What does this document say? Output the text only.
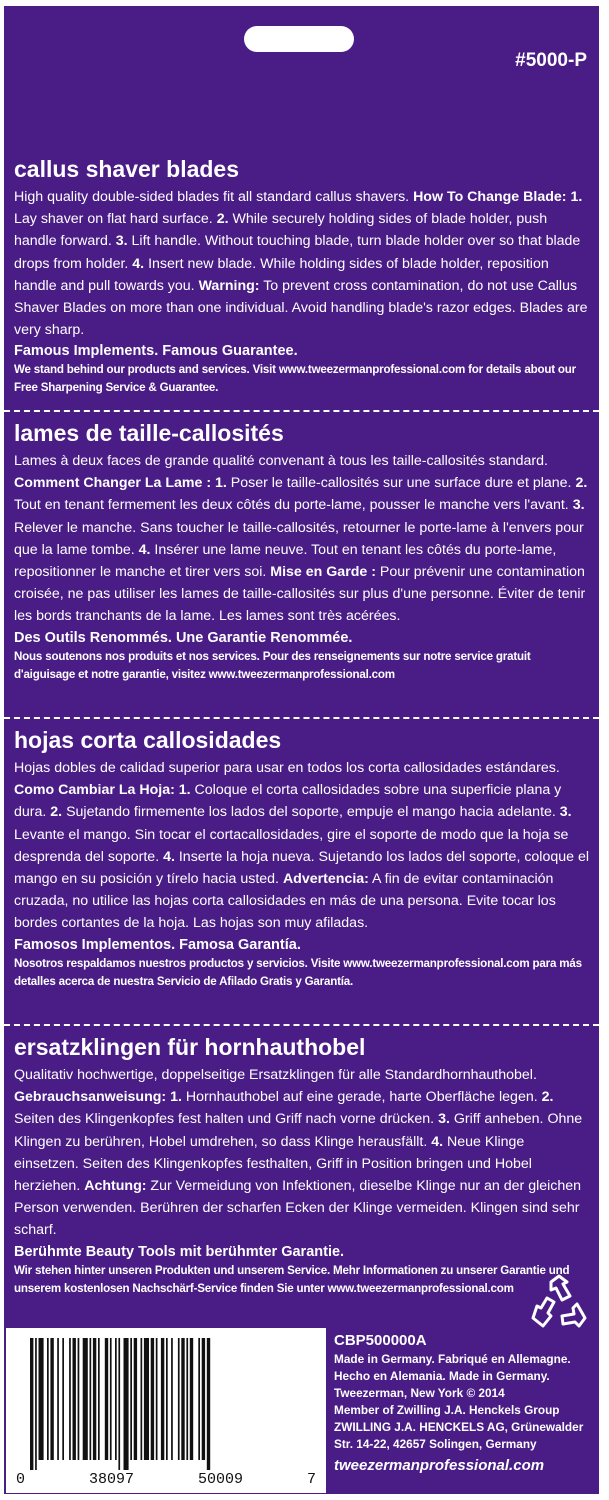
#5000-P
callus shaver blades
High quality double-sided blades fit all standard callus shavers. How To Change Blade: 1. Lay shaver on flat hard surface. 2. While securely holding sides of blade holder, push handle forward. 3. Lift handle. Without touching blade, turn blade holder over so that blade drops from holder. 4. Insert new blade. While holding sides of blade holder, reposition handle and pull towards you. Warning: To prevent cross contamination, do not use Callus Shaver Blades on more than one individual. Avoid handling blade's razor edges. Blades are very sharp.
Famous Implements. Famous Guarantee.
We stand behind our products and services. Visit www.tweezermanprofessional.com for details about our Free Sharpening Service & Guarantee.
lames de taille-callosités
Lames à deux faces de grande qualité convenant à tous les taille-callosités standard. Comment Changer La Lame : 1. Poser le taille-callosités sur une surface dure et plane. 2. Tout en tenant fermement les deux côtés du porte-lame, pousser le manche vers l'avant. 3. Relever le manche. Sans toucher le taille-callosités, retourner le porte-lame à l'envers pour que la lame tombe. 4. Insérer une lame neuve. Tout en tenant les côtés du porte-lame, repositionner le manche et tirer vers soi. Mise en Garde : Pour prévenir une contamination croisée, ne pas utiliser les lames de taille-callosités sur plus d'une personne. Éviter de tenir les bords tranchants de la lame. Les lames sont très acérées.
Des Outils Renommés. Une Garantie Renommée.
Nous soutenons nos produits et nos services. Pour des renseignements sur notre service gratuit d'aiguisage et notre garantie, visitez www.tweezermanprofessional.com
hojas corta callosidades
Hojas dobles de calidad superior para usar en todos los corta callosidades estándares. Como Cambiar La Hoja: 1. Coloque el corta callosidades sobre una superficie plana y dura. 2. Sujetando firmemente los lados del soporte, empuje el mango hacia adelante. 3. Levante el mango. Sin tocar el cortacallosidades, gire el soporte de modo que la hoja se desprenda del soporte. 4. Inserte la hoja nueva. Sujetando los lados del soporte, coloque el mango en su posición y tírelo hacia usted. Advertencia: A fin de evitar contaminación cruzada, no utilice las hojas corta callosidades en más de una persona. Evite tocar los bordes cortantes de la hoja. Las hojas son muy afiladas.
Famosos Implementos. Famosa Garantía.
Nosotros respaldamos nuestros productos y servicios. Visite www.tweezermanprofessional.com para más detalles acerca de nuestra Servicio de Afilado Gratis y Garantía.
ersatzklingen für hornhauthobel
Qualitativ hochwertige, doppelseitige Ersatzklingen für alle Standardhornhauthobel. Gebrauchsanweisung: 1. Hornhauthobel auf eine gerade, harte Oberfläche legen. 2. Seiten des Klingenkopfes fest halten und Griff nach vorne drücken. 3. Griff anheben. Ohne Klingen zu berühren, Hobel umdrehen, so dass Klinge herausfällt. 4. Neue Klinge einsetzen. Seiten des Klingenkopfes festhalten, Griff in Position bringen und Hobel herziehen. Achtung: Zur Vermeidung von Infektionen, dieselbe Klinge nur an der gleichen Person verwenden. Berühren der scharfen Ecken der Klinge vermeiden. Klingen sind sehr scharf.
Berühmte Beauty Tools mit berühmter Garantie.
Wir stehen hinter unseren Produkten und unserem Service. Mehr Informationen zu unserer Garantie und unserem kostenlosen Nachschärf-Service finden Sie unter www.tweezermanprofessional.com
0	38097	50009	7
CBP500000A
Made in Germany. Fabriqué en Allemagne.
Hecho en Alemania. Made in Germany.
Tweezerman, New York © 2014
Member of Zwilling J.A. Henckels Group
ZWILLING J.A. HENCKELS AG, Grünewalder
Str. 14-22, 42657 Solingen, Germany
tweezermanprofessional.com
